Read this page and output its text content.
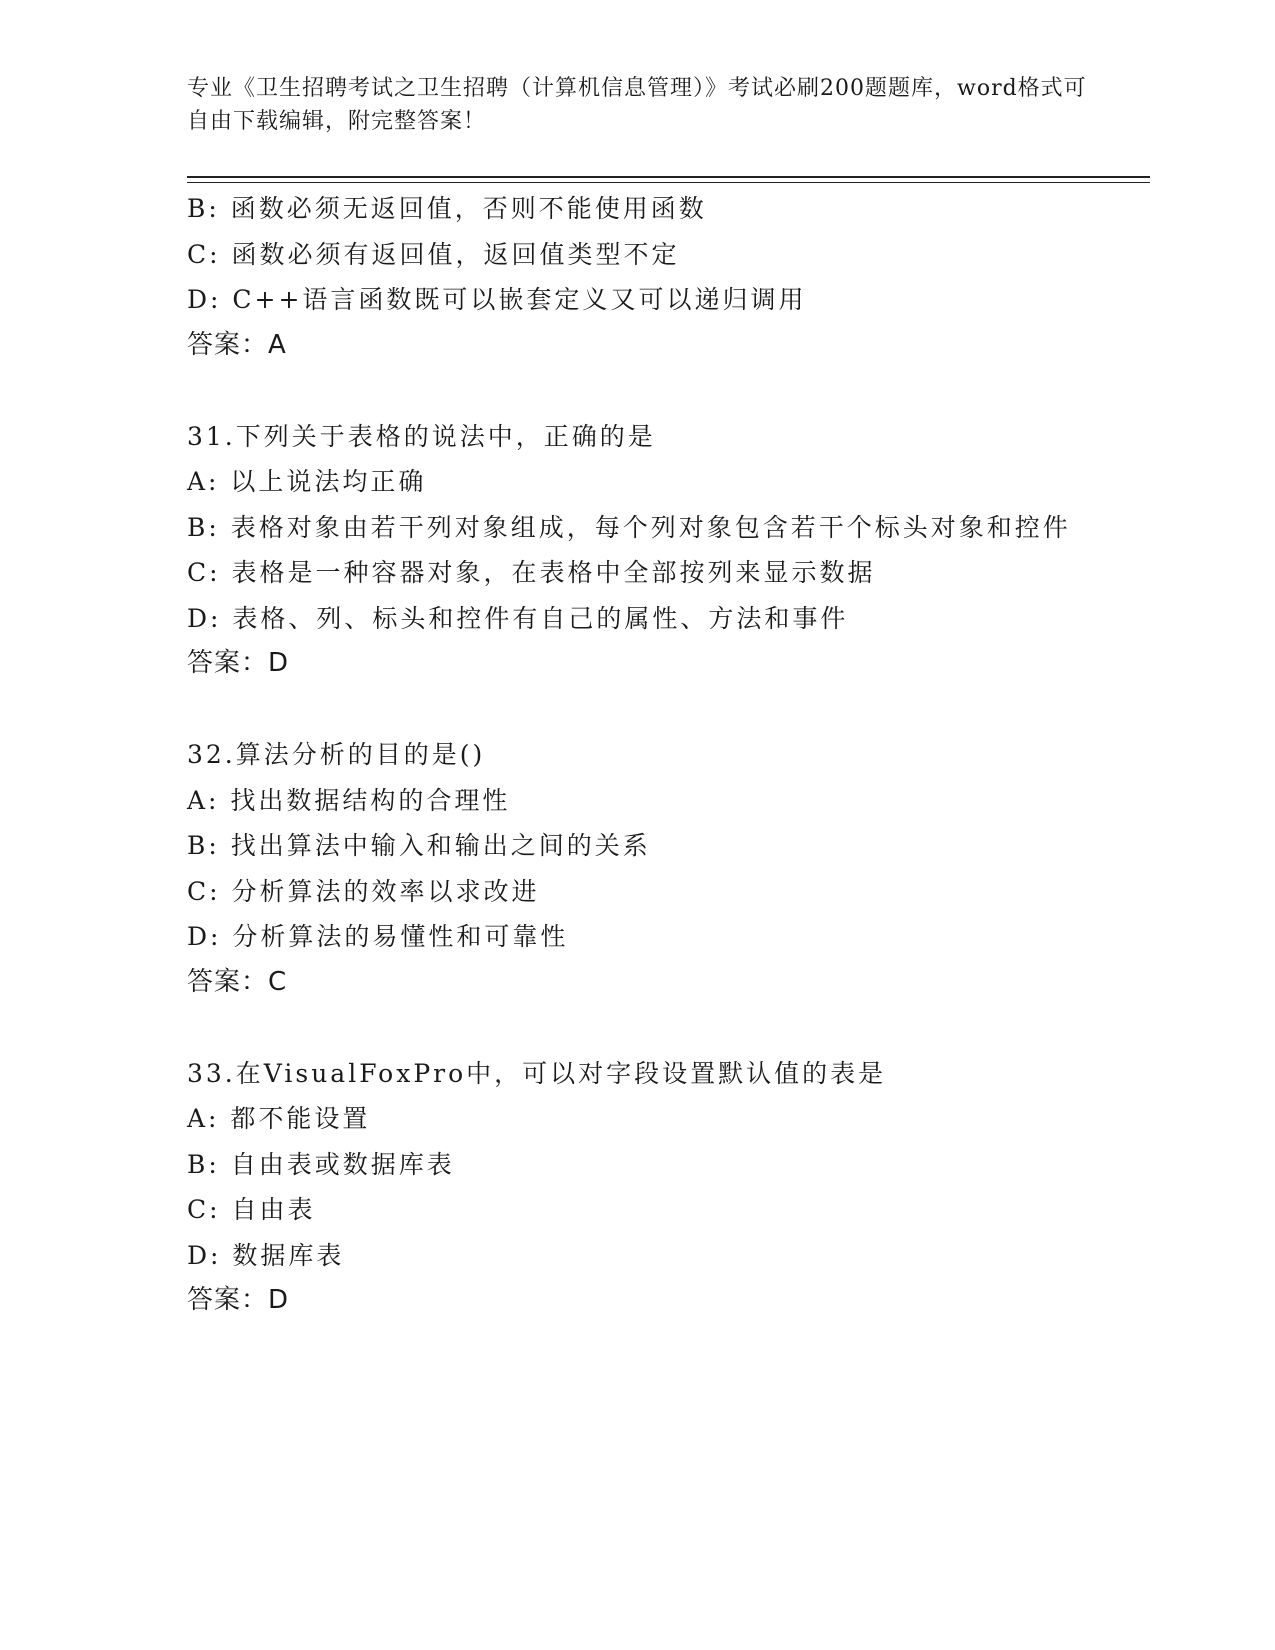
专业《卫生招聘考试之卫生招聘（计算机信息管理）》考试必刷200题题库，word格式可自由下载编辑，附完整答案！
B: 函数必须无返回值，否则不能使用函数
C: 函数必须有返回值，返回值类型不定
D: C++语言函数既可以嵌套定义又可以递归调用
答案：A
31.下列关于表格的说法中，正确的是
A: 以上说法均正确
B: 表格对象由若干列对象组成，每个列对象包含若干个标头对象和控件
C: 表格是一种容器对象，在表格中全部按列来显示数据
D: 表格、列、标头和控件有自己的属性、方法和事件
答案：D
32.算法分析的目的是()
A: 找出数据结构的合理性
B: 找出算法中输入和输出之间的关系
C: 分析算法的效率以求改进
D: 分析算法的易懂性和可靠性
答案：C
33.在VisualFoxPro中，可以对字段设置默认值的表是
A: 都不能设置
B: 自由表或数据库表
C: 自由表
D: 数据库表
答案：D
